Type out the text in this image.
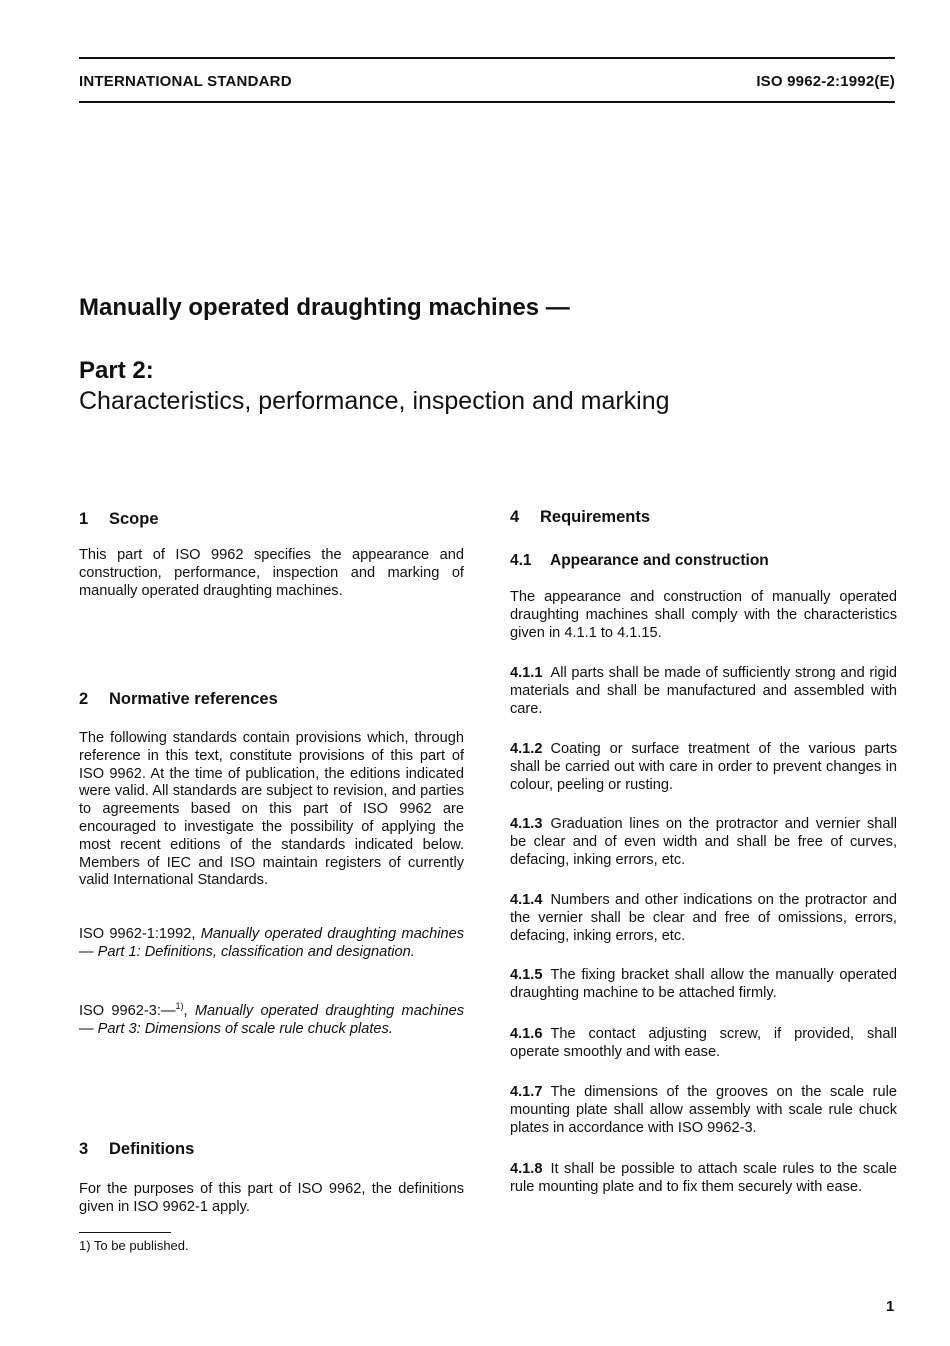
INTERNATIONAL STANDARD	ISO 9962-2:1992(E)
Manually operated draughting machines —
Part 2:
Characteristics, performance, inspection and marking
1 Scope
This part of ISO 9962 specifies the appearance and construction, performance, inspection and marking of manually operated draughting machines.
2 Normative references
The following standards contain provisions which, through reference in this text, constitute provisions of this part of ISO 9962. At the time of publication, the editions indicated were valid. All standards are subject to revision, and parties to agreements based on this part of ISO 9962 are encouraged to investigate the possibility of applying the most recent editions of the standards indicated below. Members of IEC and ISO maintain registers of currently valid International Standards.
ISO 9962-1:1992, Manually operated draughting machines — Part 1: Definitions, classification and designation.
ISO 9962-3:—$^{1)}$, Manually operated draughting machines — Part 3: Dimensions of scale rule chuck plates.
3 Definitions
For the purposes of this part of ISO 9962, the definitions given in ISO 9962-1 apply.
1) To be published.
4 Requirements
4.1 Appearance and construction
The appearance and construction of manually operated draughting machines shall comply with the characteristics given in 4.1.1 to 4.1.15.
4.1.1 All parts shall be made of sufficiently strong and rigid materials and shall be manufactured and assembled with care.
4.1.2 Coating or surface treatment of the various parts shall be carried out with care in order to prevent changes in colour, peeling or rusting.
4.1.3 Graduation lines on the protractor and vernier shall be clear and of even width and shall be free of curves, defacing, inking errors, etc.
4.1.4 Numbers and other indications on the protractor and the vernier shall be clear and free of omissions, errors, defacing, inking errors, etc.
4.1.5 The fixing bracket shall allow the manually operated draughting machine to be attached firmly.
4.1.6 The contact adjusting screw, if provided, shall operate smoothly and with ease.
4.1.7 The dimensions of the grooves on the scale rule mounting plate shall allow assembly with scale rule chuck plates in accordance with ISO 9962-3.
4.1.8 It shall be possible to attach scale rules to the scale rule mounting plate and to fix them securely with ease.
1
